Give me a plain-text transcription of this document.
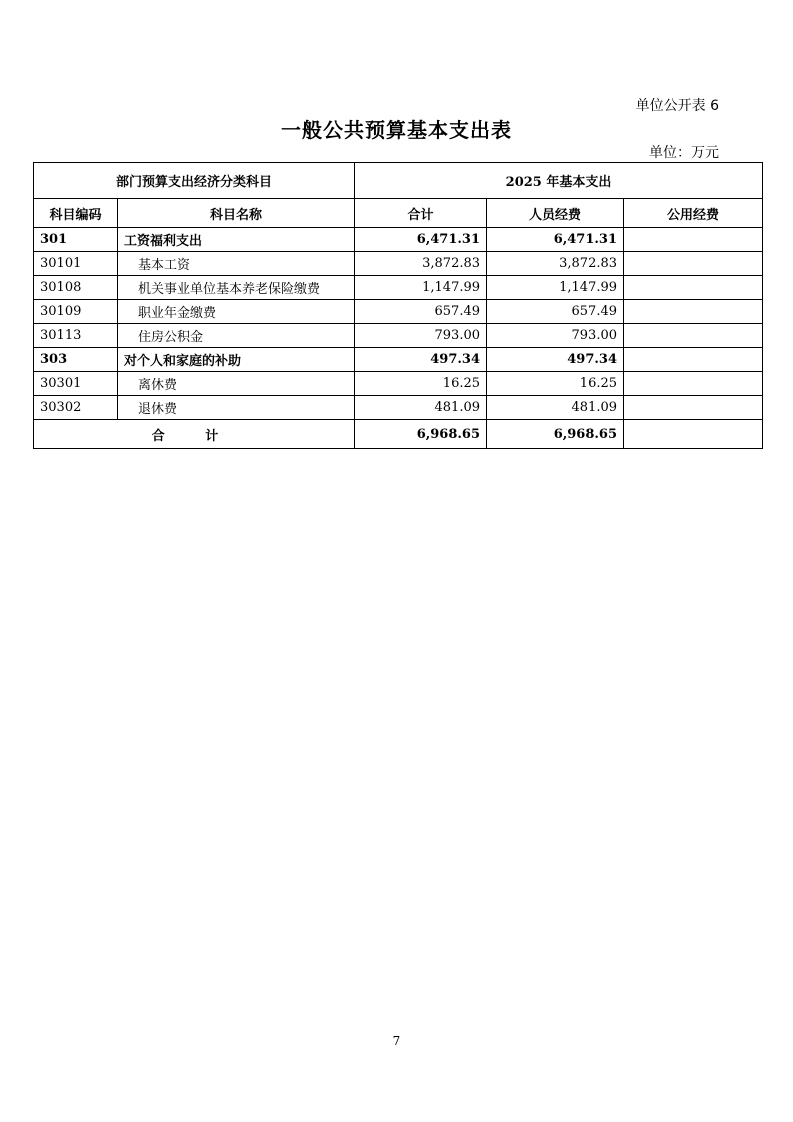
单位公开表 6
一般公共预算基本支出表
单位：万元
部门预算支出经济分类科目		2025 年基本支出		
科目编码	科目名称	合计	人员经费	公用经费
301	工资福利支出	6,471.31	6,471.31	
30101	基本工资	3,872.83	3,872.83	
30108	机关事业单位基本养老保险缴费	1,147.99	1,147.99	
30109	职业年金缴费	657.49	657.49	
30113	住房公积金	793.00	793.00	
303	对个人和家庭的补助	497.34	497.34	
30301	离休费	16.25	16.25	
30302	退休费	481.09	481.09	
合 计		6,968.65	6,968.65	
7
